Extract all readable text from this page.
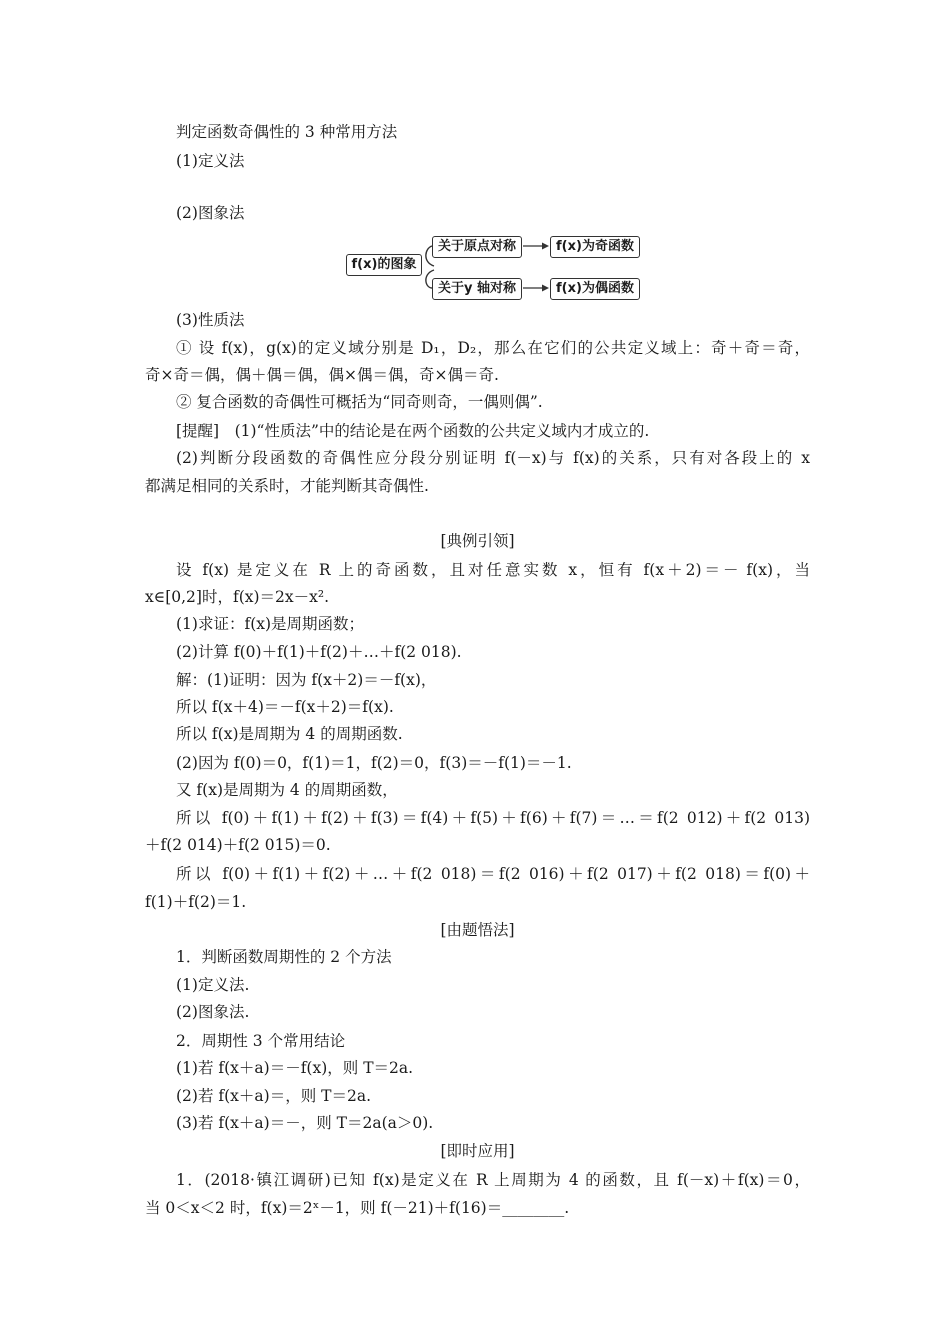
判定函数奇偶性的 3 种常用方法
(1)定义法
(2)图象法
f(x)的图象
关于原点对称
关于y 轴对称
f(x)为奇函数
f(x)为偶函数
(3)性质法
① 设 f(x)，g(x)的定义域分别是 D₁，D₂，那么在它们的公共定义域上：奇＋奇＝奇，
奇×奇＝偶，偶＋偶＝偶，偶×偶＝偶，奇×偶＝奇.
② 复合函数的奇偶性可概括为“同奇则奇，一偶则偶”.
[提醒]　(1)“性质法”中的结论是在两个函数的公共定义域内才成立的.
(2)判断分段函数的奇偶性应分段分别证明 f(－x)与 f(x)的关系，只有对各段上的 x
都满足相同的关系时，才能判断其奇偶性.
[典例引领]
设 f(x) 是定义在 R 上的奇函数，且对任意实数 x，恒有 f(x＋2)＝－ f(x)，当
x∈[0,2]时，f(x)＝2x－x².
(1)求证：f(x)是周期函数；
(2)计算 f(0)＋f(1)＋f(2)＋…＋f(2 018).
解：(1)证明：因为 f(x＋2)＝－f(x)，
所以 f(x＋4)＝－f(x＋2)＝f(x).
所以 f(x)是周期为 4 的周期函数.
(2)因为 f(0)＝0，f(1)＝1，f(2)＝0，f(3)＝－f(1)＝－1.
又 f(x)是周期为 4 的周期函数，
所以 f(0)＋f(1)＋f(2)＋f(3)＝f(4)＋f(5)＋f(6)＋f(7)＝…＝f(2 012)＋f(2 013)
＋f(2 014)＋f(2 015)＝0.
所以 f(0)＋f(1)＋f(2)＋…＋f(2 018)＝f(2 016)＋f(2 017)＋f(2 018)＝f(0)＋
f(1)＋f(2)＝1.
[由题悟法]
1．判断函数周期性的 2 个方法
(1)定义法.
(2)图象法.
2．周期性 3 个常用结论
(1)若 f(x＋a)＝－f(x)，则 T＝2a.
(2)若 f(x＋a)＝，则 T＝2a.
(3)若 f(x＋a)＝－，则 T＝2a(a＞0).
[即时应用]
1．(2018·镇江调研)已知 f(x)是定义在 R 上周期为 4 的函数，且 f(－x)＋f(x)＝0，
当 0＜x＜2 时，f(x)＝2ˣ－1，则 f(－21)＋f(16)＝________.
